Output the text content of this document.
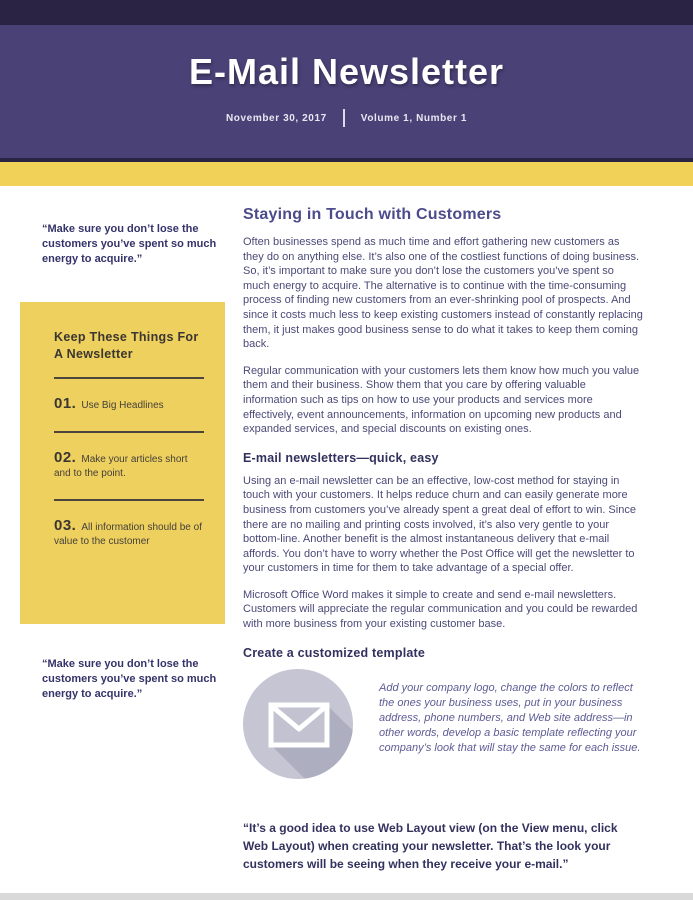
E-Mail Newsletter
November 30, 2017	Volume 1, Number 1
“Make sure you don’t lose the customers you’ve spent so much energy to acquire.”
Keep These Things For A Newsletter
01. Use Big Headlines
02. Make your articles short and to the point.
03. All information should be of value to the customer
“Make sure you don’t lose the customers you’ve spent so much energy to acquire.”
Staying in Touch with Customers

Often businesses spend as much time and effort gathering new customers as they do on anything else. It’s also one of the costliest functions of doing business. So, it’s important to make sure you don’t lose the customers you’ve spent so much energy to acquire. The alternative is to continue with the time-consuming process of finding new customers from an ever-shrinking pool of prospects. And since it costs much less to keep existing customers instead of constantly replacing them, it just makes good business sense to do what it takes to keep them coming back.

Regular communication with your customers lets them know how much you value them and their business. Show them that you care by offering valuable information such as tips on how to use your products and services more effectively, event announcements, information on upcoming new products and expanded services, and special discounts on existing ones.

E-mail newsletters—quick, easy

Using an e-mail newsletter can be an effective, low-cost method for staying in touch with your customers. It helps reduce churn and can easily generate more business from customers you’ve already spent a great deal of effort to win. Since there are no mailing and printing costs involved, it’s also very gentle to your bottom-line. Another benefit is the almost instantaneous delivery that e-mail affords. You don’t have to worry whether the Post Office will get the newsletter to your customers in time for them to take advantage of a special offer.

Microsoft Office Word makes it simple to create and send e-mail newsletters. Customers will appreciate the regular communication and you could be rewarded with more business from your existing customer base.

Create a customized template
Add your company logo, change the colors to reflect the ones your business uses, put in your business address, phone numbers, and Web site address—in other words, develop a basic template reflecting your company’s look that will stay the same for each issue.
“It’s a good idea to use Web Layout view (on the View menu, click Web Layout) when creating your newsletter. That’s the look your customers will be seeing when they receive your e-mail.”
